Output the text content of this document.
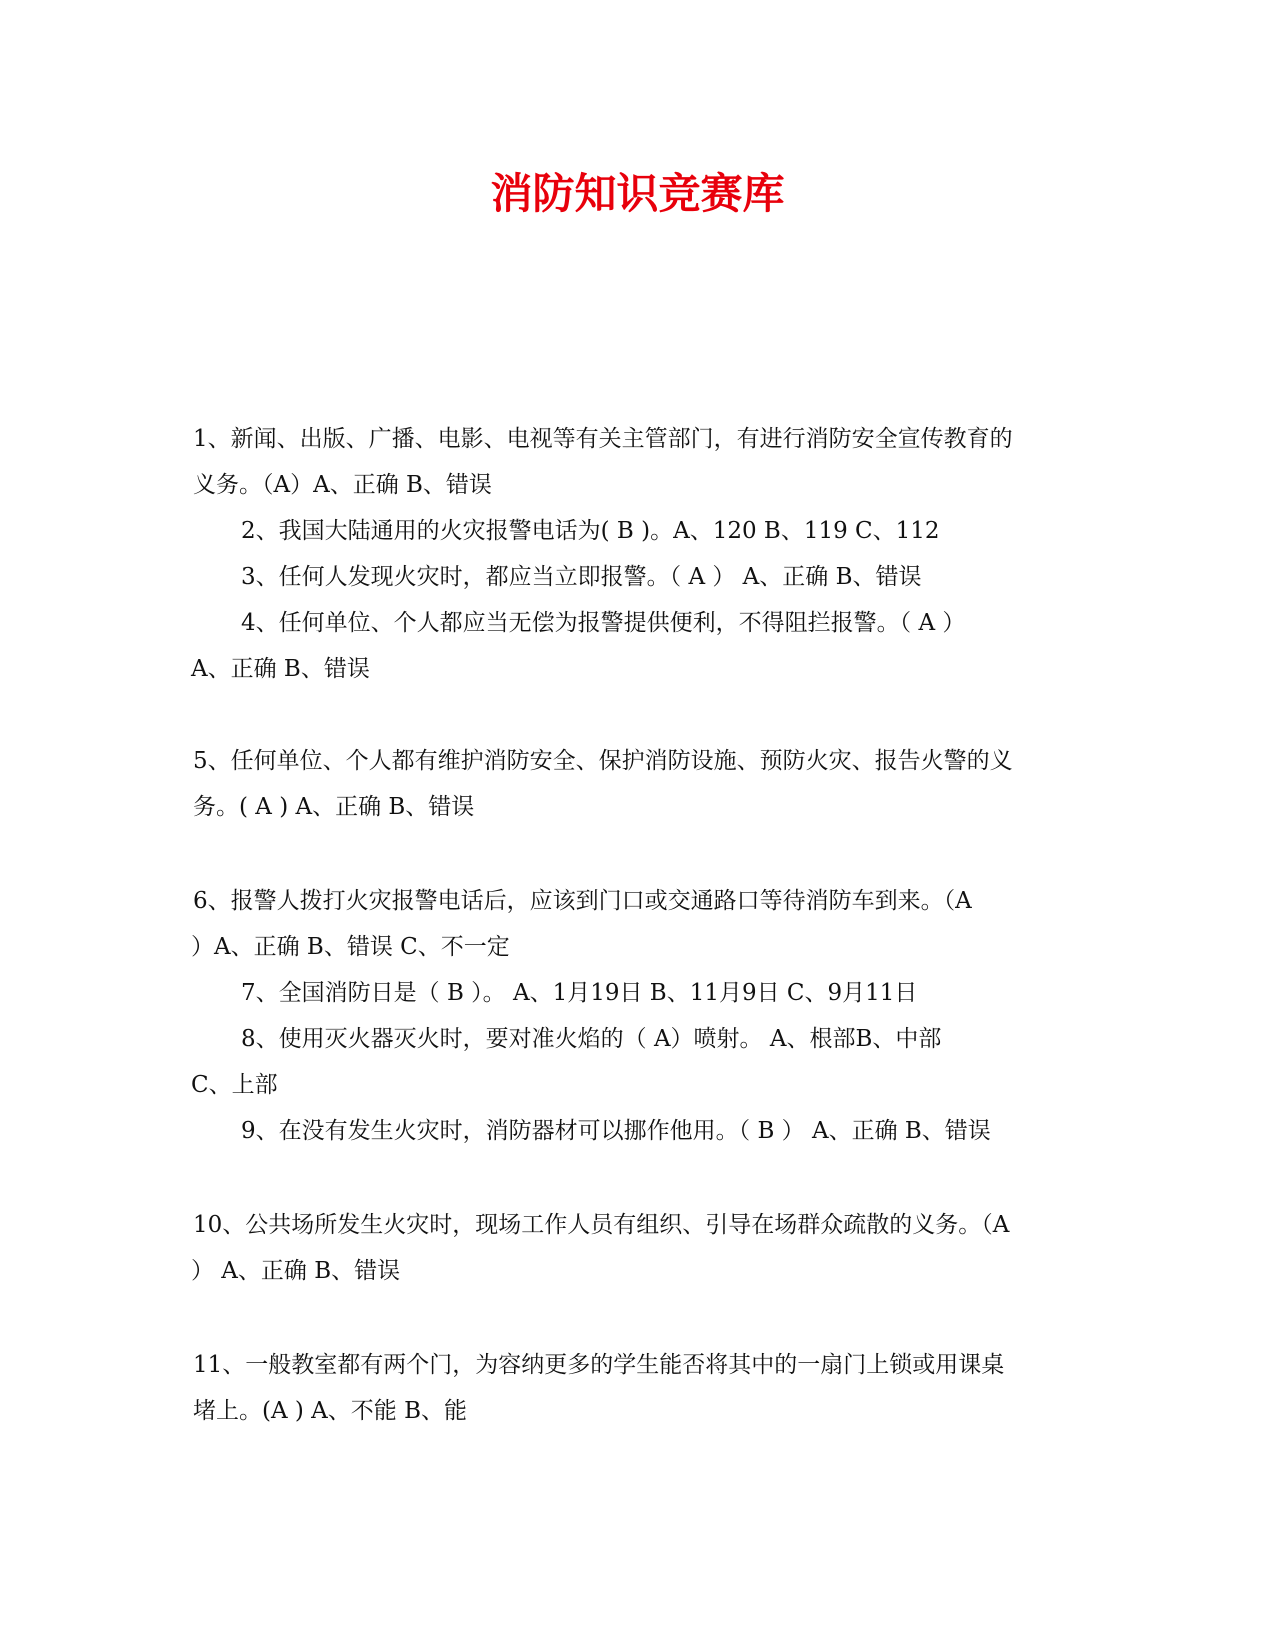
消防知识竞赛库
1、新闻、出版、广播、电影、电视等有关主管部门，有进行消防安全宣传教育的
义务。（A）A、正确 B、错误
2、我国大陆通用的火灾报警电话为( B )。A、120 B、119 C、112
3、任何人发现火灾时，都应当立即报警。（ A ） A、正确 B、错误
4、任何单位、个人都应当无偿为报警提供便利，不得阻拦报警。（ A ）
A、正确 B、错误
5、任何单位、个人都有维护消防安全、保护消防设施、预防火灾、报告火警的义
务。( A ) A、正确 B、错误
6、报警人拨打火灾报警电话后，应该到门口或交通路口等待消防车到来。（A
）A、正确 B、错误 C、不一定
7、全国消防日是（ B ）。 A、1月19日 B、11月9日 C、9月11日
8、使用灭火器灭火时，要对准火焰的（ A）喷射。 A、根部B、中部
C、上部
9、在没有发生火灾时，消防器材可以挪作他用。（ B ） A、正确 B、错误
10、公共场所发生火灾时，现场工作人员有组织、引导在场群众疏散的义务。（A
） A、正确 B、错误
11、一般教室都有两个门，为容纳更多的学生能否将其中的一扇门上锁或用课桌
堵上。(A ) A、不能 B、能
